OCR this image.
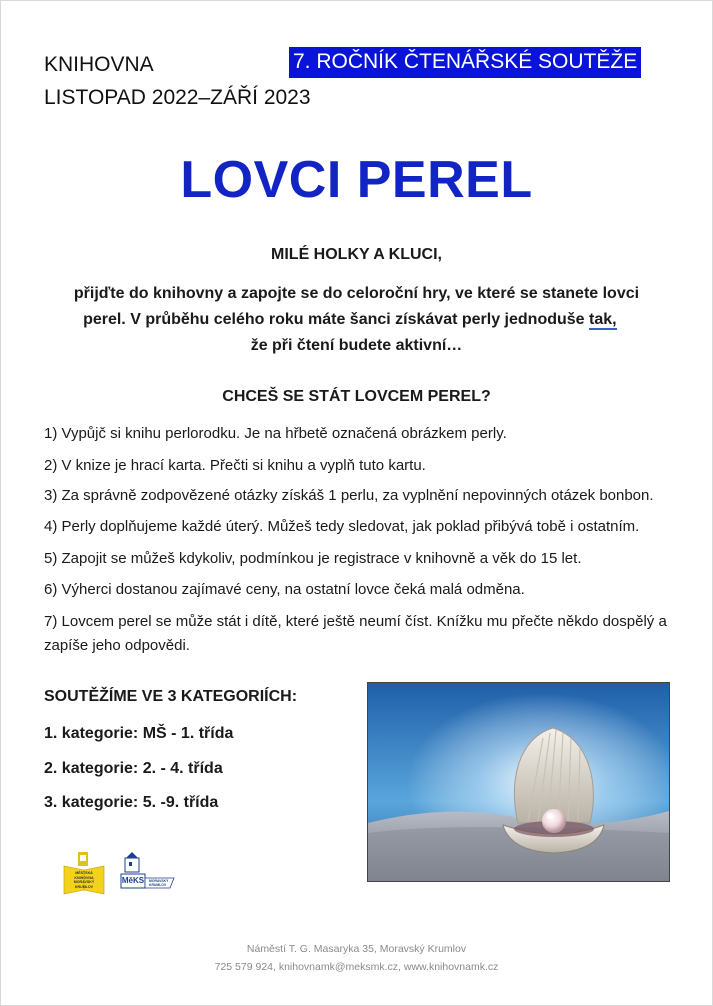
KNIHOVNA
LISTOPAD 2022–ZÁŘÍ 2023
7. ROČNÍK ČTENÁŘSKÉ SOUTĚŽE
LOVCI PEREL
MILÉ HOLKY A KLUCI,
přijďte do knihovny a zapojte se do celoroční hry, ve které se stanete lovci
perel. V průběhu celého roku máte šanci získávat perly jednoduše tak,
že při čtení budete aktivní…
CHCEŠ SE STÁT LOVCEM PEREL?
1) Vypůjč si knihu perlorodku. Je na hřbetě označená obrázkem perly.
2) V knize je hrací karta. Přečti si knihu a vyplň tuto kartu.
3) Za správně zodpovězené otázky získáš 1 perlu, za vyplnění nepovinných otázek bonbon.
4) Perly doplňujeme každé úterý. Můžeš tedy sledovat, jak poklad přibývá tobě i ostatním.
5) Zapojit se můžeš kdykoliv, podmínkou je registrace v knihovně a věk do 15 let.
6) Výherci dostanou zajímavé ceny, na ostatní lovce čeká malá odměna.
7) Lovcem perel se může stát i dítě, které ještě neumí číst. Knížku mu přečte někdo dospělý a zapíše jeho odpovědi.
SOUTĚŽÍME VE 3 KATEGORIÍCH:
1. kategorie: MŠ - 1. třída
2. kategorie: 2. - 4. třída
3. kategorie: 5. -9. třída
MĚSTSKÁ
KNIHOVNA
MORAVSKÝ
KRUMLOV
MěKS MORAVSKÝ
KRUMLOV
Náměstí T. G. Masaryka 35, Moravský Krumlov
725 579 924, knihovnamk@meksmk.cz, www.knihovnamk.cz
